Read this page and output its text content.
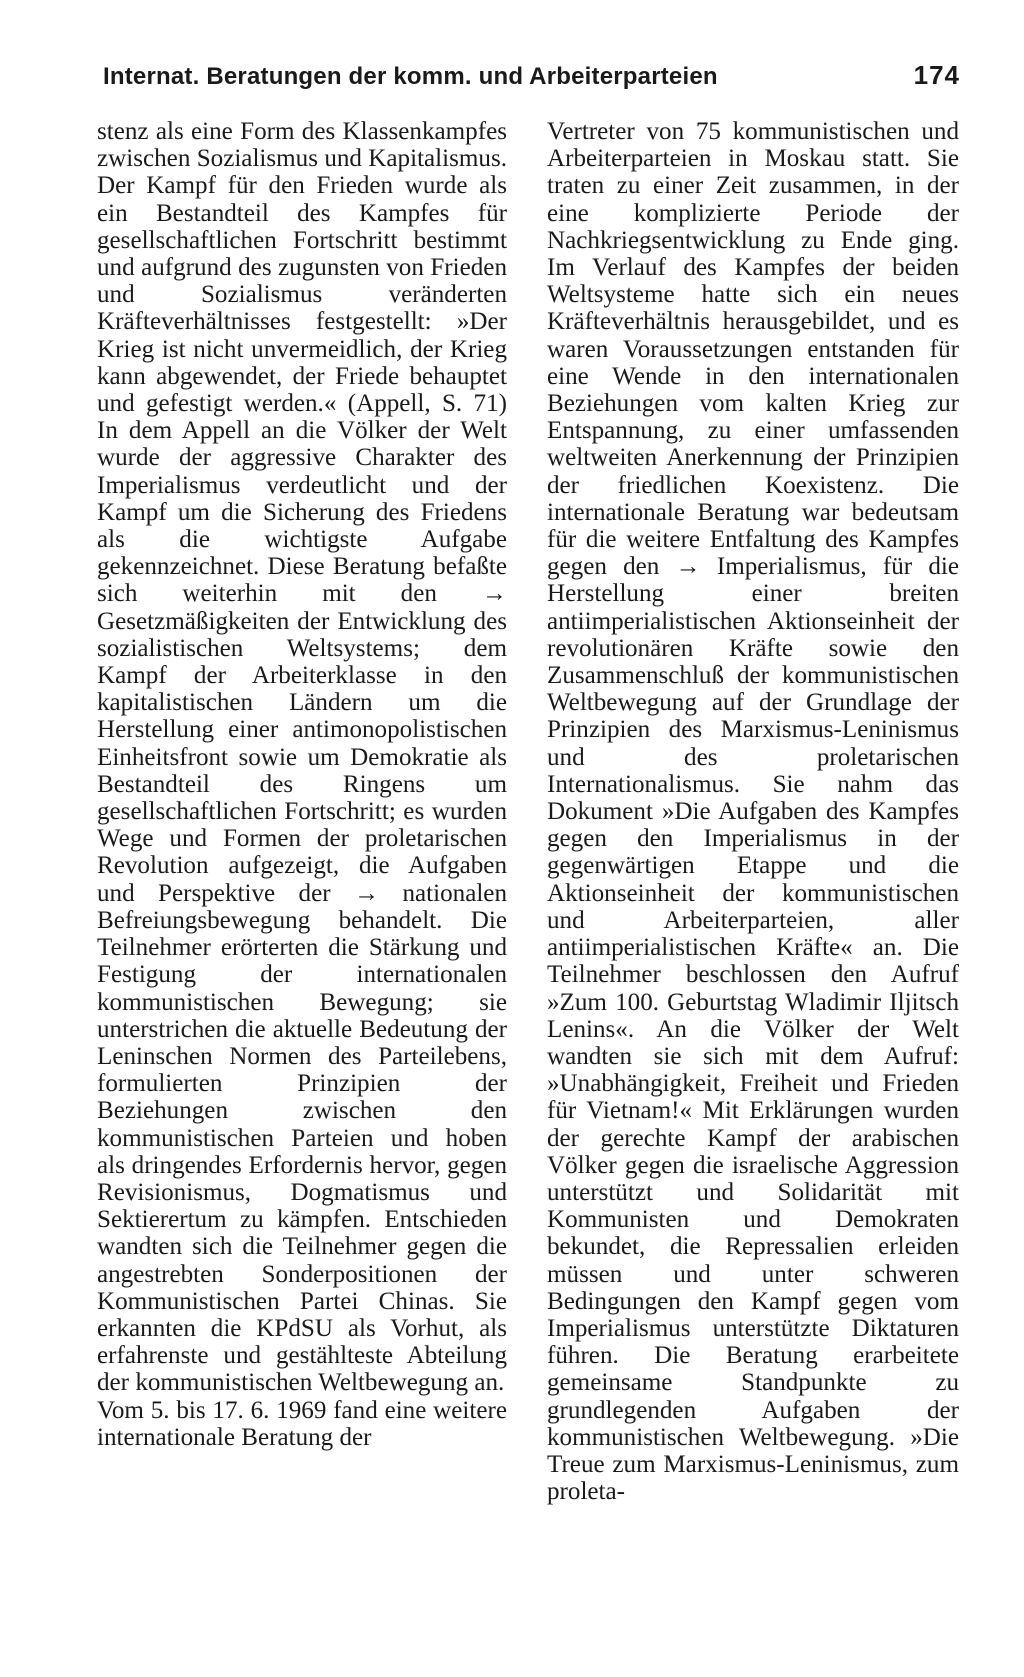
Internat. Beratungen der komm. und Arbeiterparteien	174

stenz als eine Form des Klassenkampfes zwischen Sozialismus und Kapitalismus. Der Kampf für den Frieden wurde als ein Bestandteil des Kampfes für gesellschaftlichen Fortschritt bestimmt und aufgrund des zugunsten von Frieden und Sozialismus veränderten Kräfteverhältnisses festgestellt: »Der Krieg ist nicht unvermeidlich, der Krieg kann abgewendet, der Friede behauptet und gefestigt werden.« (Appell, S. 71) In dem Appell an die Völker der Welt wurde der aggressive Charakter des Imperialismus verdeutlicht und der Kampf um die Sicherung des Friedens als die wichtigste Aufgabe gekennzeichnet. Diese Beratung befaßte sich weiterhin mit den → Gesetzmäßigkeiten der Entwicklung des sozialistischen Weltsystems; dem Kampf der Arbeiterklasse in den kapitalistischen Ländern um die Herstellung einer antimonopolistischen Einheitsfront sowie um Demokratie als Bestandteil des Ringens um gesellschaftlichen Fortschritt; es wurden Wege und Formen der proletarischen Revolution aufgezeigt, die Aufgaben und Perspektive der → nationalen Befreiungsbewegung behandelt. Die Teilnehmer erörterten die Stärkung und Festigung der internationalen kommunistischen Bewegung; sie unterstrichen die aktuelle Bedeutung der Leninschen Normen des Parteilebens, formulierten Prinzipien der Beziehungen zwischen den kommunistischen Parteien und hoben als dringendes Erfordernis hervor, gegen Revisionismus, Dogmatismus und Sektierertum zu kämpfen. Entschieden wandten sich die Teilnehmer gegen die angestrebten Sonderpositionen der Kommunistischen Partei Chinas. Sie erkannten die KPdSU als Vorhut, als erfahrenste und gestählteste Abteilung der kommunistischen Weltbewegung an.

Vom 5. bis 17. 6. 1969 fand eine weitere internationale Beratung der

Vertreter von 75 kommunistischen und Arbeiterparteien in Moskau statt. Sie traten zu einer Zeit zusammen, in der eine komplizierte Periode der Nachkriegsentwicklung zu Ende ging. Im Verlauf des Kampfes der beiden Weltsysteme hatte sich ein neues Kräfteverhältnis herausgebildet, und es waren Voraussetzungen entstanden für eine Wende in den internationalen Beziehungen vom kalten Krieg zur Entspannung, zu einer umfassenden weltweiten Anerkennung der Prinzipien der friedlichen Koexistenz. Die internationale Beratung war bedeutsam für die weitere Entfaltung des Kampfes gegen den → Imperialismus, für die Herstellung einer breiten antiimperialistischen Aktionseinheit der revolutionären Kräfte sowie den Zusammenschluß der kommunistischen Weltbewegung auf der Grundlage der Prinzipien des Marxismus-Leninismus und des proletarischen Internationalismus. Sie nahm das Dokument »Die Aufgaben des Kampfes gegen den Imperialismus in der gegenwärtigen Etappe und die Aktionseinheit der kommunistischen und Arbeiterparteien, aller antiimperialistischen Kräfte« an. Die Teilnehmer beschlossen den Aufruf »Zum 100. Geburtstag Wladimir Iljitsch Lenins«. An die Völker der Welt wandten sie sich mit dem Aufruf: »Unabhängigkeit, Freiheit und Frieden für Vietnam!« Mit Erklärungen wurden der gerechte Kampf der arabischen Völker gegen die israelische Aggression unterstützt und Solidarität mit Kommunisten und Demokraten bekundet, die Repressalien erleiden müssen und unter schweren Bedingungen den Kampf gegen vom Imperialismus unterstützte Diktaturen führen. Die Beratung erarbeitete gemeinsame Standpunkte zu grundlegenden Aufgaben der kommunistischen Weltbewegung. »Die Treue zum Marxismus-Leninismus, zum proleta-
